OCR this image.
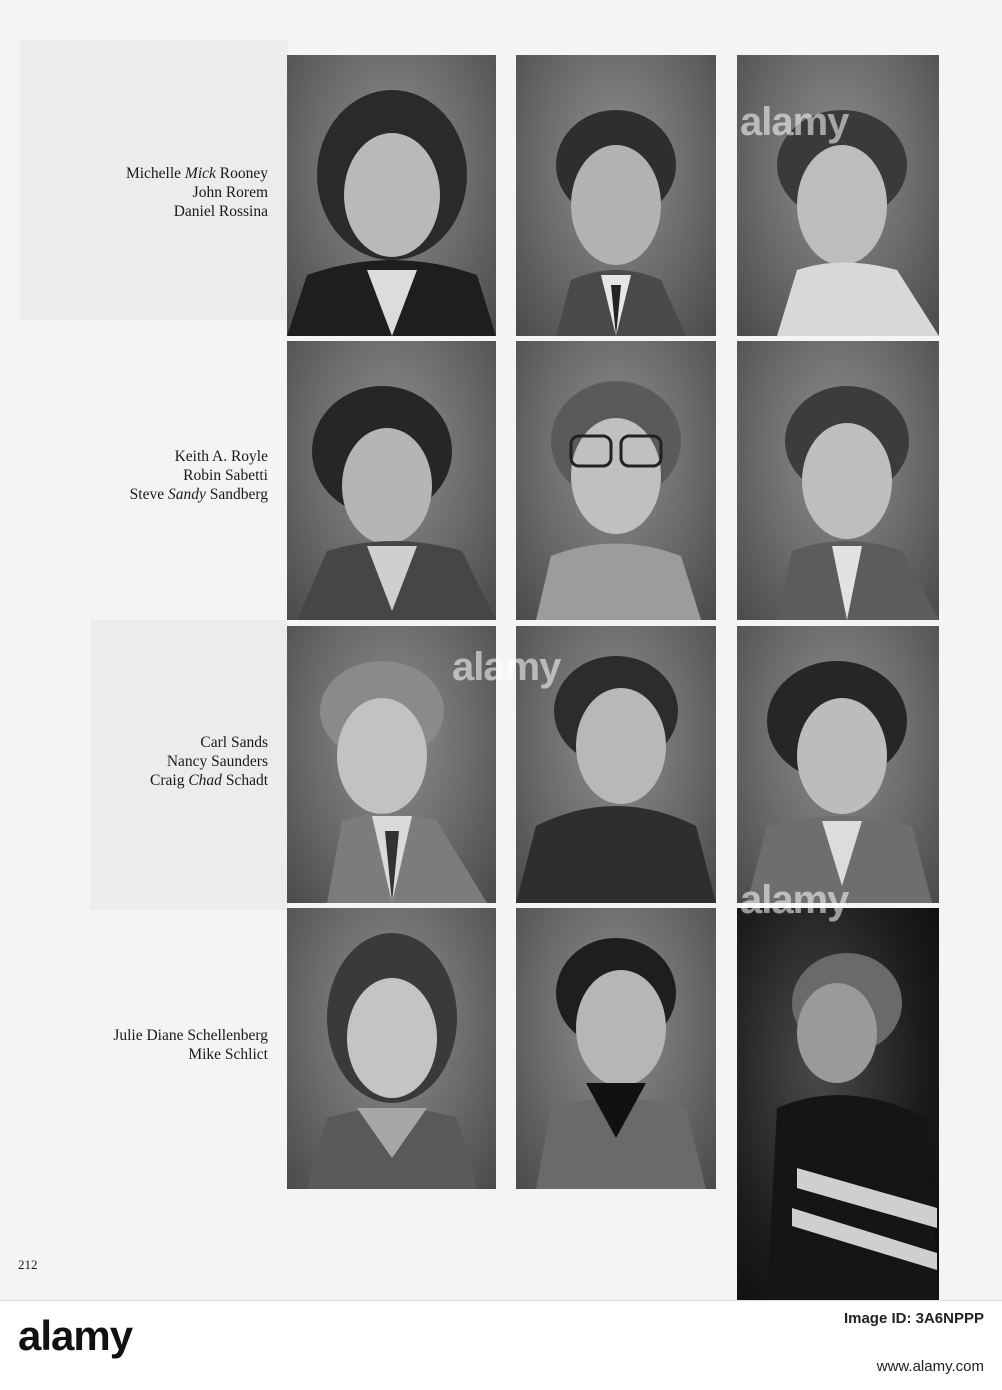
Michelle Mick Rooney
John Rorem
Daniel Rossina
Keith A. Royle
Robin Sabetti
Steve Sandy Sandberg
Carl Sands
Nancy Saunders
Craig Chad Schadt
Julie Diane Schellenberg
Mike Schlict
alamy
alamy
alamy
212
alamy	Image ID: 3A6NPPP
www.alamy.com
